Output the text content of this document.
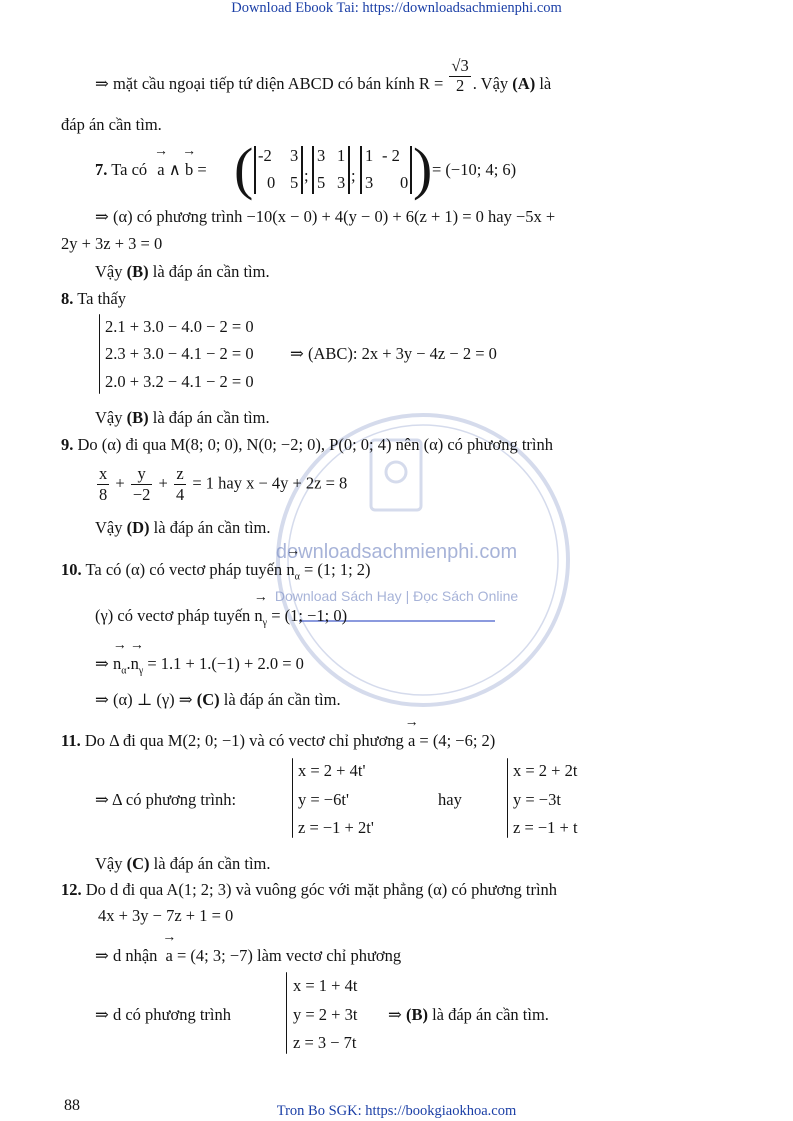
Download Ebook Tai: https://downloadsachmienphi.com
Tron Bo SGK: https://bookgiaokhoa.com
88
downloadsachmienphi.com
Download Sách Hay | Đọc Sách Online
⇒ mặt cầu ngoại tiếp tứ diện ABCD có bán kính $R = \frac{√3}{2}$ . Vậy (A) là
đáp án cần tìm.
7. Ta có → a ∧ → b = ( -2 3
0 5 ;
3 1
5 3 ;
1 - 2
3 0 ) = (−10; 4; 6)
⇒ (α) có phương trình −10(x − 0) + 4(y − 0) + 6(z + 1) = 0 hay −5x +
2y + 3z + 3 = 0
Vậy (B) là đáp án cần tìm.
8. Ta thấy
2.1 + 3.0 − 4.0 − 2 = 0
2.3 + 3.0 − 4.1 − 2 = 0
2.0 + 3.2 − 4.1 − 2 = 0
⇒ (ABC): 2x + 3y − 4z − 2 = 0
Vậy (B) là đáp án cần tìm.
9. Do (α) đi qua M(8; 0; 0), N(0; −2; 0), P(0; 0; 4) nên (α) có phương trình
$\frac{x}{8} + \frac{y}{-2} + \frac{z}{4} = 1$ hay x − 4y + 2z = 8
Vậy (D) là đáp án cần tìm.
10. Ta có (α) có vectơ pháp tuyến → $n_\alpha = (1$; 1; 2)
(γ) có vectơ pháp tuyến → $n_\gamma = (1$; −1; 0)
⇒ → $n_\alpha.\to n_\gamma = 1.1 + 1.(-1) + 2.0 = 0$
⇒ (α) ⊥ (γ) ⇒ (C) là đáp án cần tìm.
11. Do Δ đi qua M(2; 0; −1) và có vectơ chỉ phương → a = (4; −6; 2)
⇒ Δ có phương trình:
x = 2 + 4t'
y = −6t'
z = −1 + 2t'
hay
x = 2 + 2t
y = −3t
z = −1 + t
Vậy (C) là đáp án cần tìm.
12. Do d đi qua A(1; 2; 3) và vuông góc với mặt phẳng (α) có phương trình
4x + 3y − 7z + 1 = 0
⇒ d nhận → a = (4; 3; −7) làm vectơ chỉ phương
⇒ d có phương trình
x = 1 + 4t
y = 2 + 3t
z = 3 − 7t
⇒ (B) là đáp án cần tìm.
